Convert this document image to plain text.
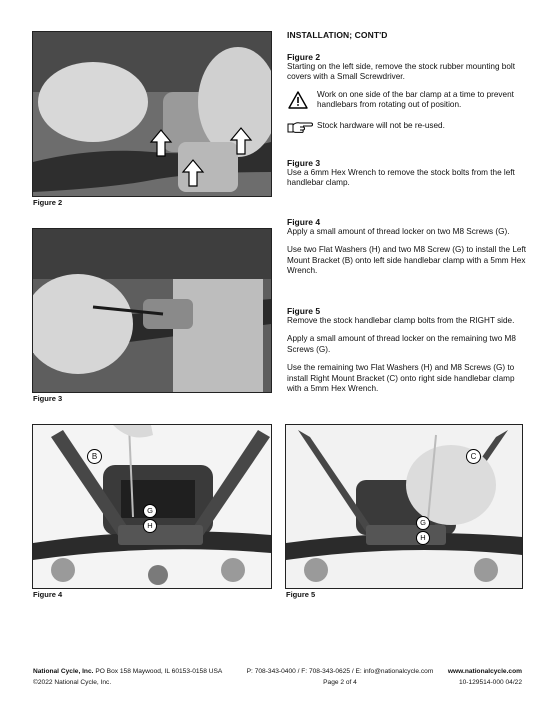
Figure 2
Figure 3
B
G
H
Figure 4
C
G
H
Figure 5
INSTALLATION; CONT'D

Figure 2

Starting on the left side, remove the stock rubber mounting bolt covers with a Small Screwdriver.

Work on one side of the bar clamp at a time to prevent handlebars from rotating out of position.
Stock hardware will not be re-used.

Figure 3

Use a 6mm Hex Wrench to remove the stock bolts from the left handlebar clamp.

Figure 4

Apply a small amount of thread locker on two M8 Screws (G).

Use two Flat Washers (H) and two M8 Screw (G) to install the Left Mount Bracket (B) onto left side handlebar clamp with a 5mm Hex Wrench.

Figure 5

Remove the stock handlebar clamp bolts from the RIGHT side.

Apply a small amount of thread locker on the remaining two M8 Screws (G).

Use the remaining two Flat Washers (H) and M8 Screws (G) to install Right Mount Bracket (C) onto right side handlebar clamp with a 5mm Hex Wrench.

National Cycle, Inc. PO Box 158 Maywood, IL 60153-0158 USA
©2022 National Cycle, Inc.
P: 708-343-0400 / F: 708-343-0625 / E: info@nationalcycle.com
Page 2 of 4
www.nationalcycle.com
10-129514-000 04/22
